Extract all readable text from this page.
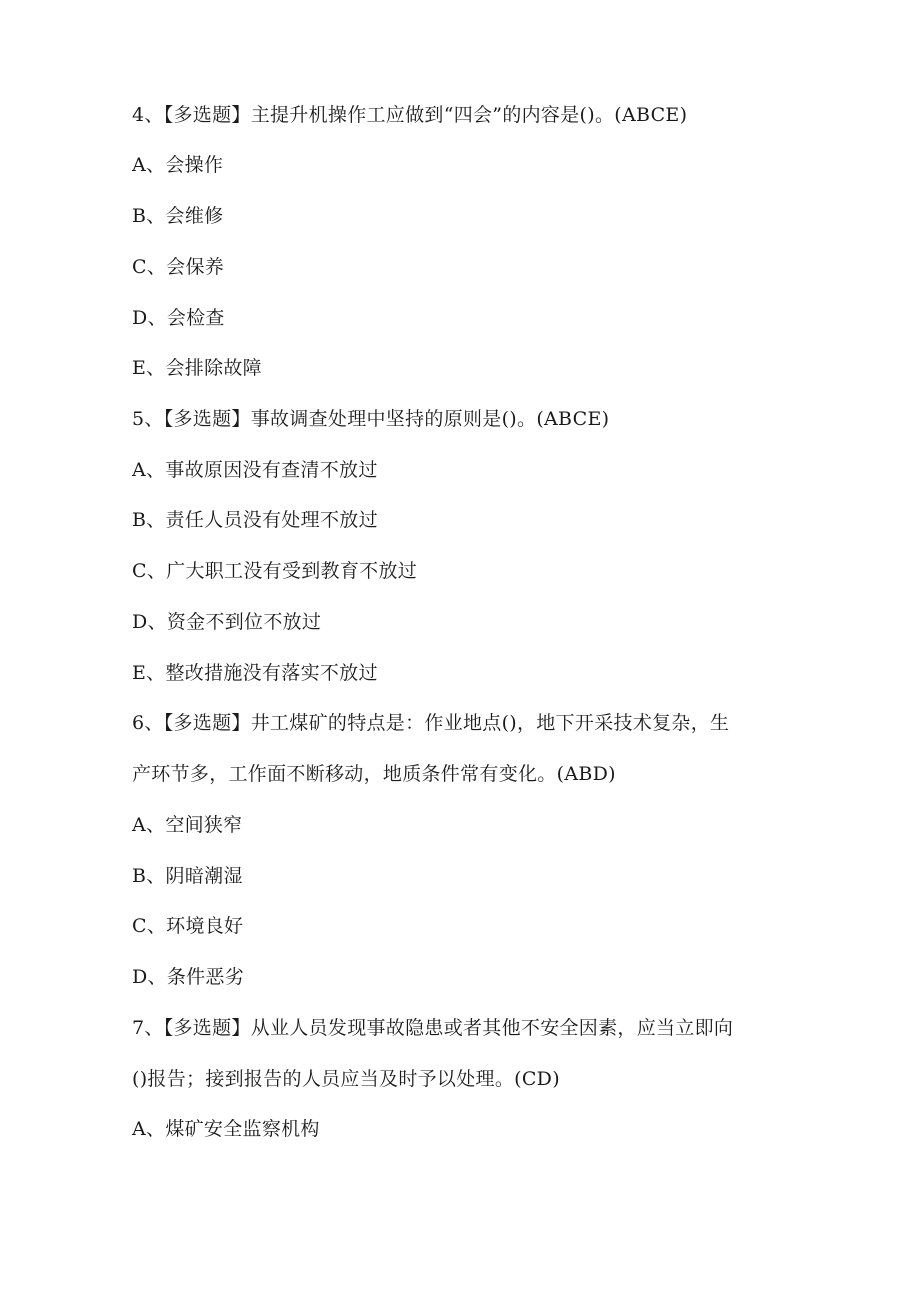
4、【多选题】主提升机操作工应做到“四会”的内容是()。(ABCE)
A、会操作
B、会维修
C、会保养
D、会检查
E、会排除故障
5、【多选题】事故调查处理中坚持的原则是()。(ABCE)
A、事故原因没有查清不放过
B、责任人员没有处理不放过
C、广大职工没有受到教育不放过
D、资金不到位不放过
E、整改措施没有落实不放过
6、【多选题】井工煤矿的特点是：作业地点()，地下开采技术复杂，生
产环节多，工作面不断移动，地质条件常有变化。(ABD)
A、空间狭窄
B、阴暗潮湿
C、环境良好
D、条件恶劣
7、【多选题】从业人员发现事故隐患或者其他不安全因素，应当立即向
()报告；接到报告的人员应当及时予以处理。(CD)
A、煤矿安全监察机构
